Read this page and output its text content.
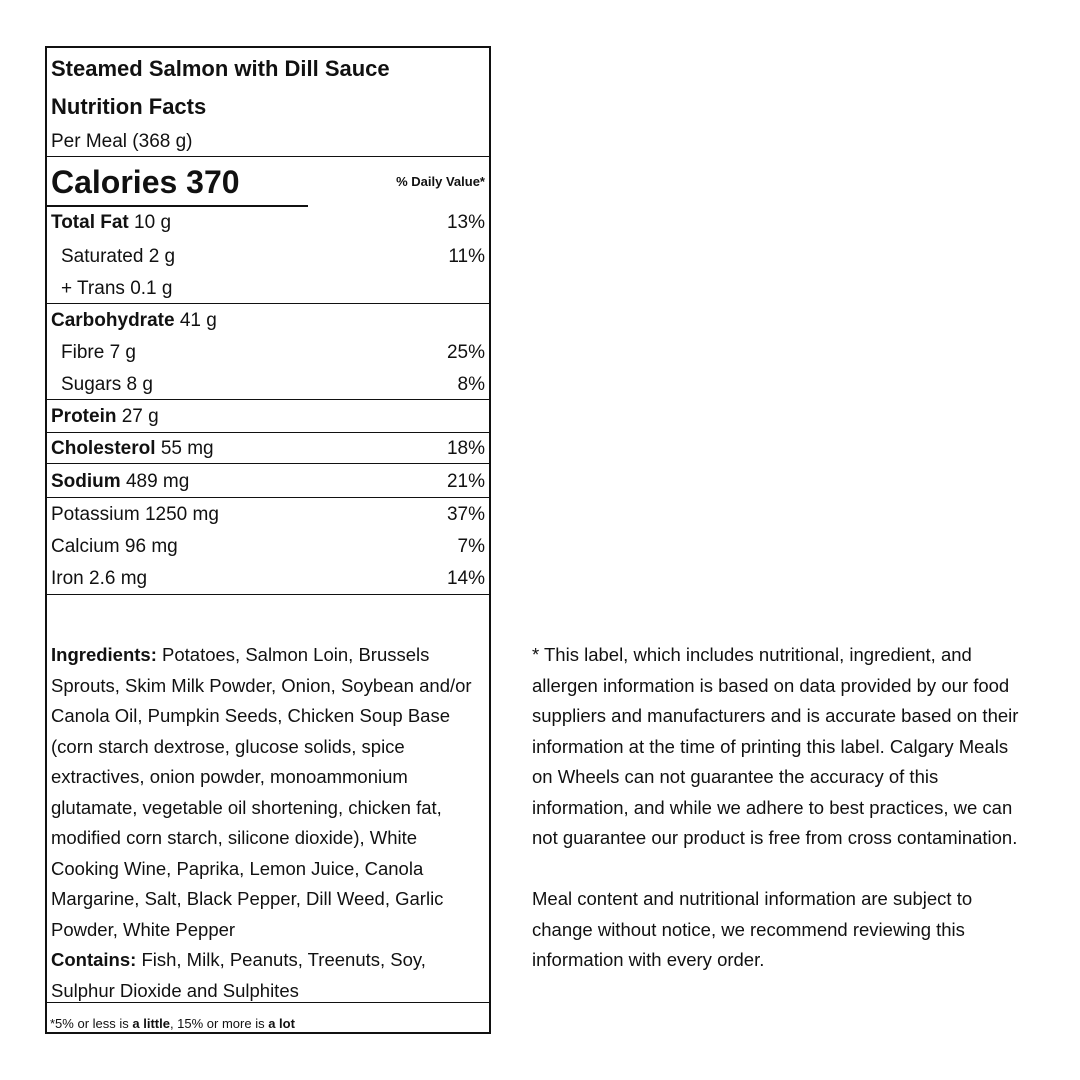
Steamed Salmon with Dill Sauce
Nutrition Facts
Per Meal (368 g)
Calories 370	% Daily Value*
Total Fat 10 g	13%
Saturated 2 g	11%
+ Trans 0.1 g
Carbohydrate 41 g
Fibre 7 g	25%
Sugars 8 g	8%
Protein 27 g
Cholesterol 55 mg	18%
Sodium 489 mg	21%
Potassium 1250 mg	37%
Calcium 96 mg	7%
Iron 2.6 mg	14%
Ingredients: Potatoes, Salmon Loin, Brussels Sprouts, Skim Milk Powder, Onion, Soybean and/or Canola Oil, Pumpkin Seeds, Chicken Soup Base (corn starch dextrose, glucose solids, spice extractives, onion powder, monoammonium glutamate, vegetable oil shortening, chicken fat, modified corn starch, silicone dioxide), White Cooking Wine, Paprika, Lemon Juice, Canola Margarine, Salt, Black Pepper, Dill Weed, Garlic Powder, White Pepper
Contains: Fish, Milk, Peanuts, Treenuts, Soy, Sulphur Dioxide and Sulphites
*5% or less is a little, 15% or more is a lot

* This label, which includes nutritional, ingredient, and allergen information is based on data provided by our food suppliers and manufacturers and is accurate based on their information at the time of printing this label. Calgary Meals on Wheels can not guarantee the accuracy of this information, and while we adhere to best practices, we can not guarantee our product is free from cross contamination.

Meal content and nutritional information are subject to change without notice, we recommend reviewing this information with every order.
